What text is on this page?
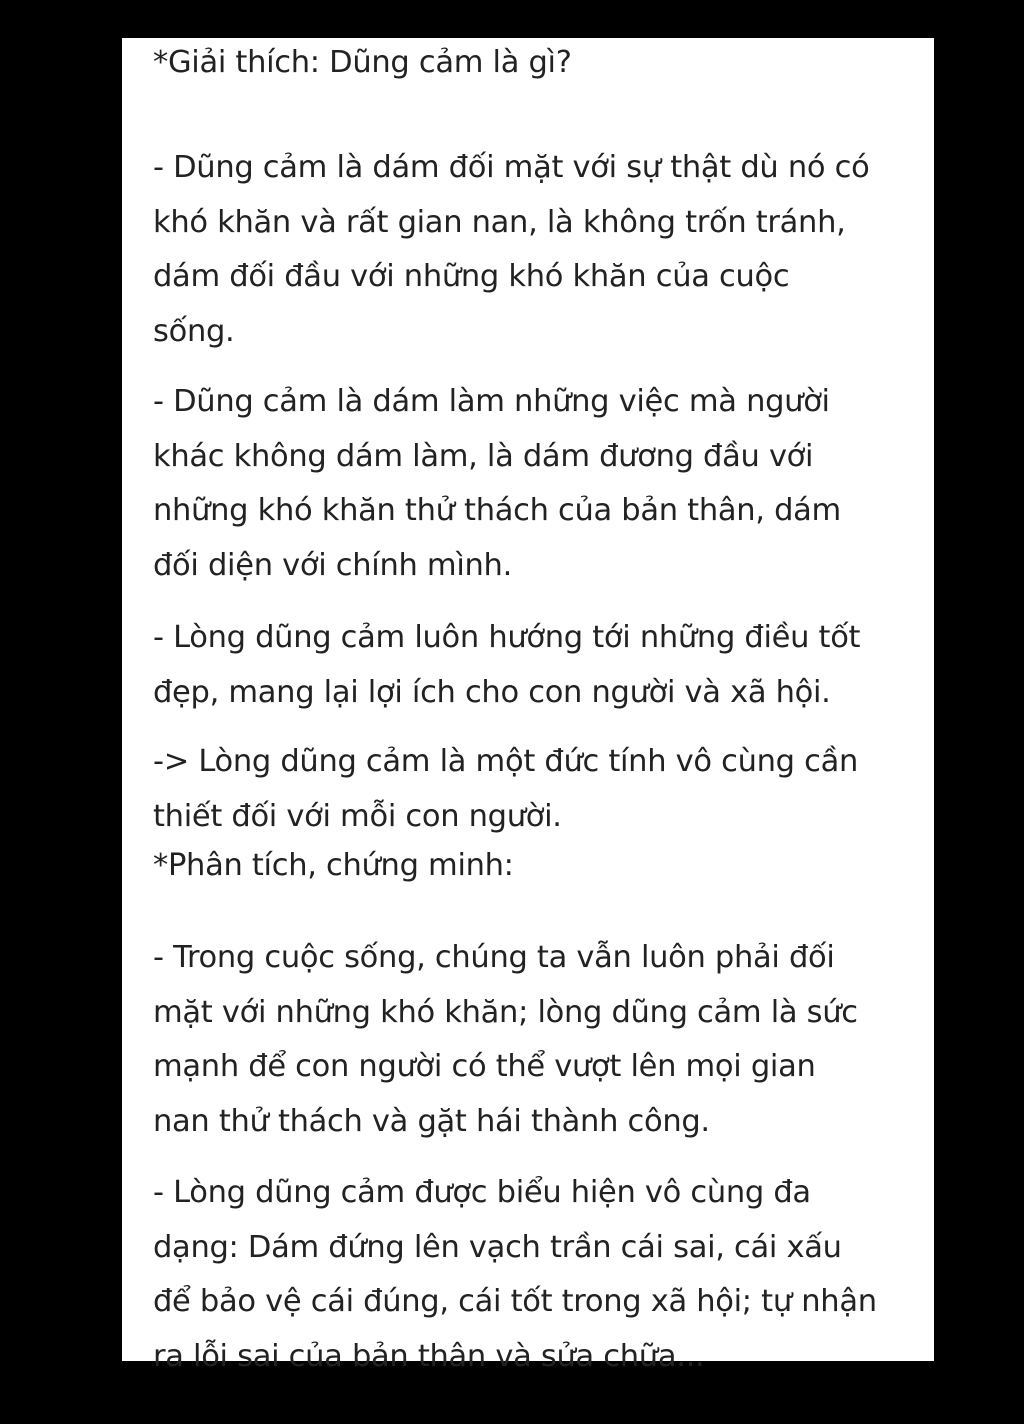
*Giải thích: Dũng cảm là gì?

- Dũng cảm là dám đối mặt với sự thật dù nó có
khó khăn và rất gian nan, là không trốn tránh,
dám đối đầu với những khó khăn của cuộc
sống.

- Dũng cảm là dám làm những việc mà người
khác không dám làm, là dám đương đầu với
những khó khăn thử thách của bản thân, dám
đối diện với chính mình.

- Lòng dũng cảm luôn hướng tới những điều tốt
đẹp, mang lại lợi ích cho con người và xã hội.

-> Lòng dũng cảm là một đức tính vô cùng cần
thiết đối với mỗi con người.

*Phân tích, chứng minh:

- Trong cuộc sống, chúng ta vẫn luôn phải đối
mặt với những khó khăn; lòng dũng cảm là sức
mạnh để con người có thể vượt lên mọi gian
nan thử thách và gặt hái thành công.

- Lòng dũng cảm được biểu hiện vô cùng đa
dạng: Dám đứng lên vạch trần cái sai, cái xấu
để bảo vệ cái đúng, cái tốt trong xã hội; tự nhận
ra lỗi sai của bản thân và sửa chữa...
